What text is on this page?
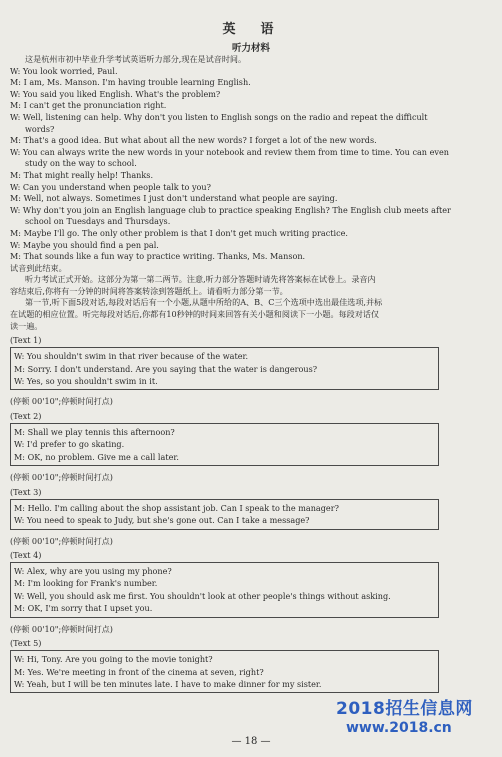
英　语
听力材料
这是杭州市初中毕业升学考试英语听力部分,现在是试音时间。
W: You look worried, Paul.
M: I am, Ms. Manson. I'm having trouble learning English.
W: You said you liked English. What's the problem?
M: I can't get the pronunciation right.
W: Well, listening can help. Why don't you listen to English songs on the radio and repeat the difficult
words?
M: That's a good idea. But what about all the new words? I forget a lot of the new words.
W: You can always write the new words in your notebook and review them from time to time. You can even
study on the way to school.
M: That might really help! Thanks.
W: Can you understand when people talk to you?
M: Well, not always. Sometimes I just don't understand what people are saying.
W: Why don't you join an English language club to practice speaking English? The English club meets after
school on Tuesdays and Thursdays.
M: Maybe I'll go. The only other problem is that I don't get much writing practice.
W: Maybe you should find a pen pal.
M: That sounds like a fun way to practice writing. Thanks, Ms. Manson.
试音到此结束。
听力考试正式开始。这部分为第一第二两节。注意,听力部分答题时请先将答案标在试卷上。录音内
容结束后,你将有一分钟的时间将答案转涂到答题纸上。请看听力部分第一节。
第一节,听下面5段对话,每段对话后有一个小题,从题中所给的A、B、C三个选项中选出最佳选项,并标
在试题的相应位置。听完每段对话后,你都有10秒钟的时间来回答有关小题和阅读下一小题。每段对话仅
读一遍。
(Text 1)
W: You shouldn't swim in that river because of the water.
M: Sorry. I don't understand. Are you saying that the water is dangerous?
W: Yes, so you shouldn't swim in it.
(停顿 00'10";停顿时间打点)
(Text 2)
M: Shall we play tennis this afternoon?
W: I'd prefer to go skating.
M: OK, no problem. Give me a call later.
(停顿 00'10";停顿时间打点)
(Text 3)
M: Hello. I'm calling about the shop assistant job. Can I speak to the manager?
W: You need to speak to Judy, but she's gone out. Can I take a message?
(停顿 00'10";停顿时间打点)
(Text 4)
W: Alex, why are you using my phone?
M: I'm looking for Frank's number.
W: Well, you should ask me first. You shouldn't look at other people's things without asking.
M: OK, I'm sorry that I upset you.
(停顿 00'10";停顿时间打点)
(Text 5)
W: Hi, Tony. Are you going to the movie tonight?
M: Yes. We're meeting in front of the cinema at seven, right?
W: Yeah, but I will be ten minutes late. I have to make dinner for my sister.
— 18 —
2018招生信息网
www.2018.cn
